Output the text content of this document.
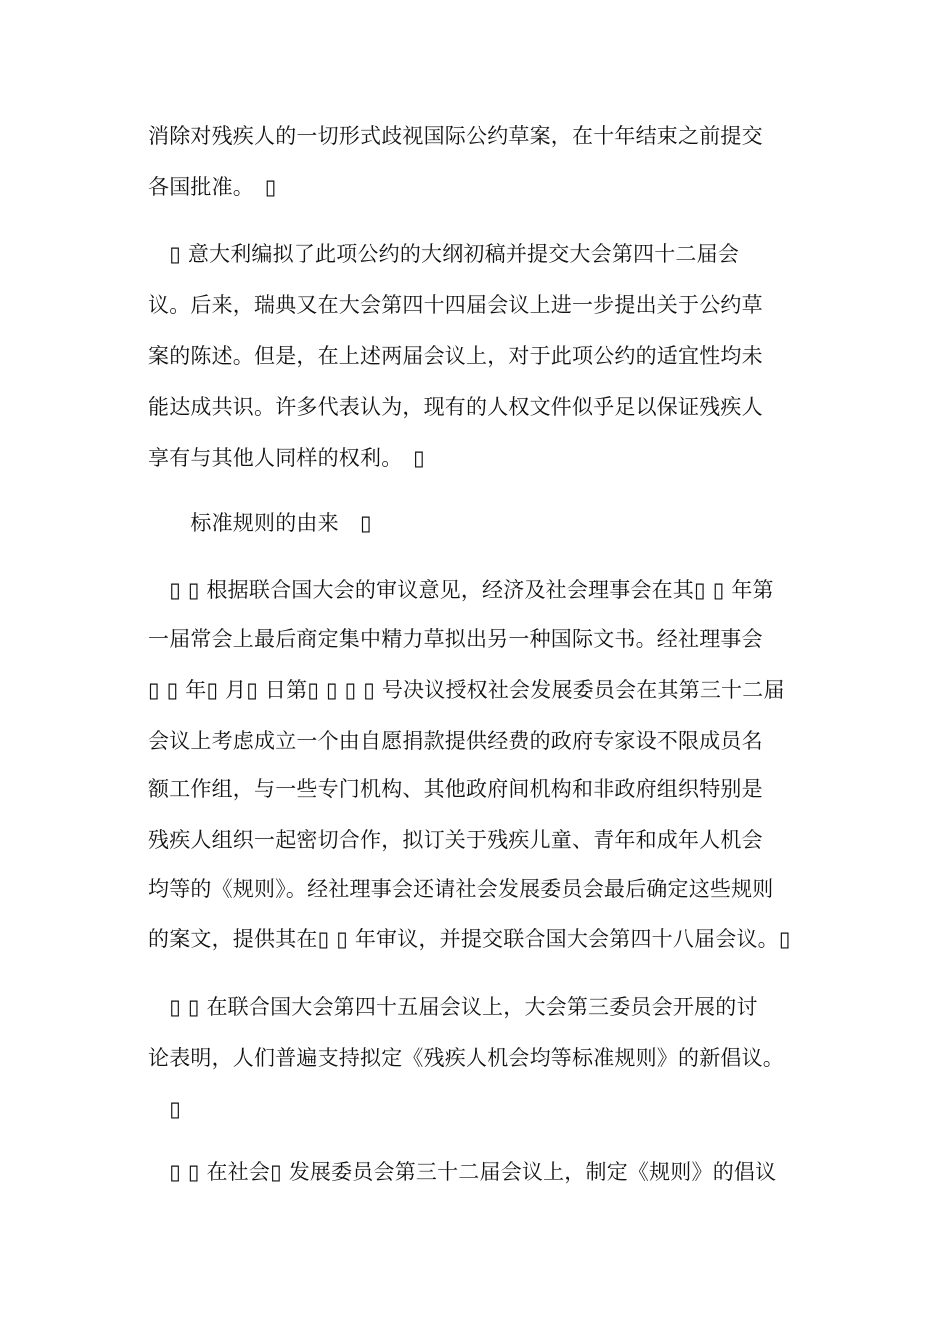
消除对残疾人的一切形式歧视国际公约草案，在十年结束之前提交
各国批准。　▯
　▯ 意大利编拟了此项公约的大纲初稿并提交大会第四十二届会
议。后来，瑞典又在大会第四十四届会议上进一步提出关于公约草
案的陈述。但是，在上述两届会议上，对于此项公约的适宜性均未
能达成共识。许多代表认为，现有的人权文件似乎足以保证残疾人
享有与其他人同样的权利。　▯
　　标准规则的由来　▯
　▯ ▯ 根据联合国大会的审议意见，经济及社会理事会在其▯ ▯ 年第
一届常会上最后商定集中精力草拟出另一种国际文书。经社理事会
▯ ▯ 年▯ 月▯ 日第▯ ▯ ▯ ▯ 号决议授权社会发展委员会在其第三十二届
会议上考虑成立一个由自愿捐款提供经费的政府专家设不限成员名
额工作组，与一些专门机构、其他政府间机构和非政府组织特别是
残疾人组织一起密切合作，拟订关于残疾儿童、青年和成年人机会
均等的《规则》。经社理事会还请社会发展委员会最后确定这些规则
的案文，提供其在▯ ▯ 年审议，并提交联合国大会第四十八届会议。▯
　▯ ▯ 在联合国大会第四十五届会议上，大会第三委员会开展的讨
论表明，人们普遍支持拟定《残疾人机会均等标准规则》的新倡议。
　▯
　▯ ▯ 在社会▯ 发展委员会第三十二届会议上，制定《规则》的倡议
